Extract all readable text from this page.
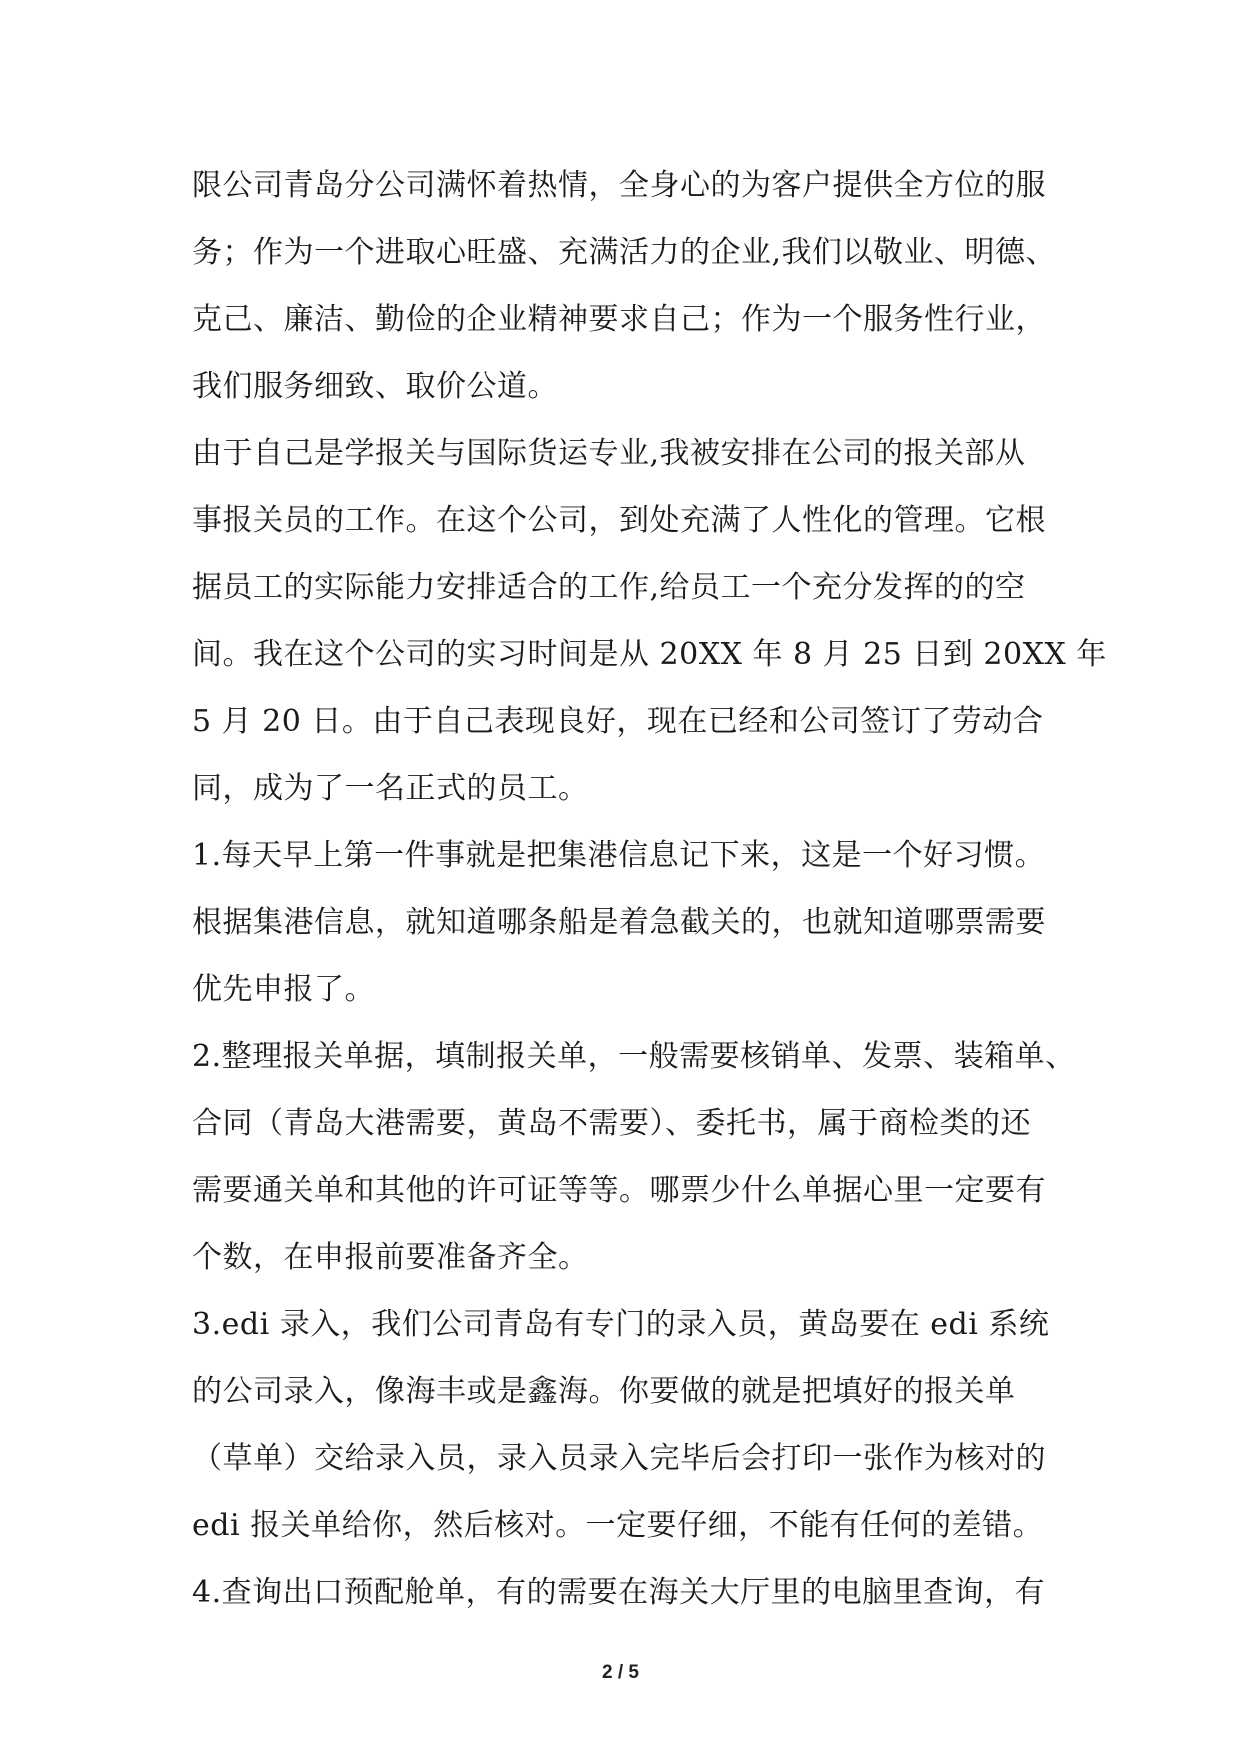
限公司青岛分公司满怀着热情，全身心的为客户提供全方位的服
务；作为一个进取心旺盛、充满活力的企业,我们以敬业、明德、
克己、廉洁、勤俭的企业精神要求自己；作为一个服务性行业，
我们服务细致、取价公道。
由于自己是学报关与国际货运专业,我被安排在公司的报关部从
事报关员的工作。在这个公司，到处充满了人性化的管理。它根
据员工的实际能力安排适合的工作,给员工一个充分发挥的的空
间。我在这个公司的实习时间是从 20XX 年 8 月 25 日到 20XX 年
5 月 20 日。由于自己表现良好，现在已经和公司签订了劳动合
同，成为了一名正式的员工。
1.每天早上第一件事就是把集港信息记下来，这是一个好习惯。
根据集港信息，就知道哪条船是着急截关的，也就知道哪票需要
优先申报了。
2.整理报关单据，填制报关单，一般需要核销单、发票、装箱单、
合同（青岛大港需要，黄岛不需要）、委托书，属于商检类的还
需要通关单和其他的许可证等等。哪票少什么单据心里一定要有
个数，在申报前要准备齐全。
3.edi 录入，我们公司青岛有专门的录入员，黄岛要在 edi 系统
的公司录入，像海丰或是鑫海。你要做的就是把填好的报关单
（草单）交给录入员，录入员录入完毕后会打印一张作为核对的
edi 报关单给你，然后核对。一定要仔细，不能有任何的差错。
4.查询出口预配舱单，有的需要在海关大厅里的电脑里查询，有
2 / 5
